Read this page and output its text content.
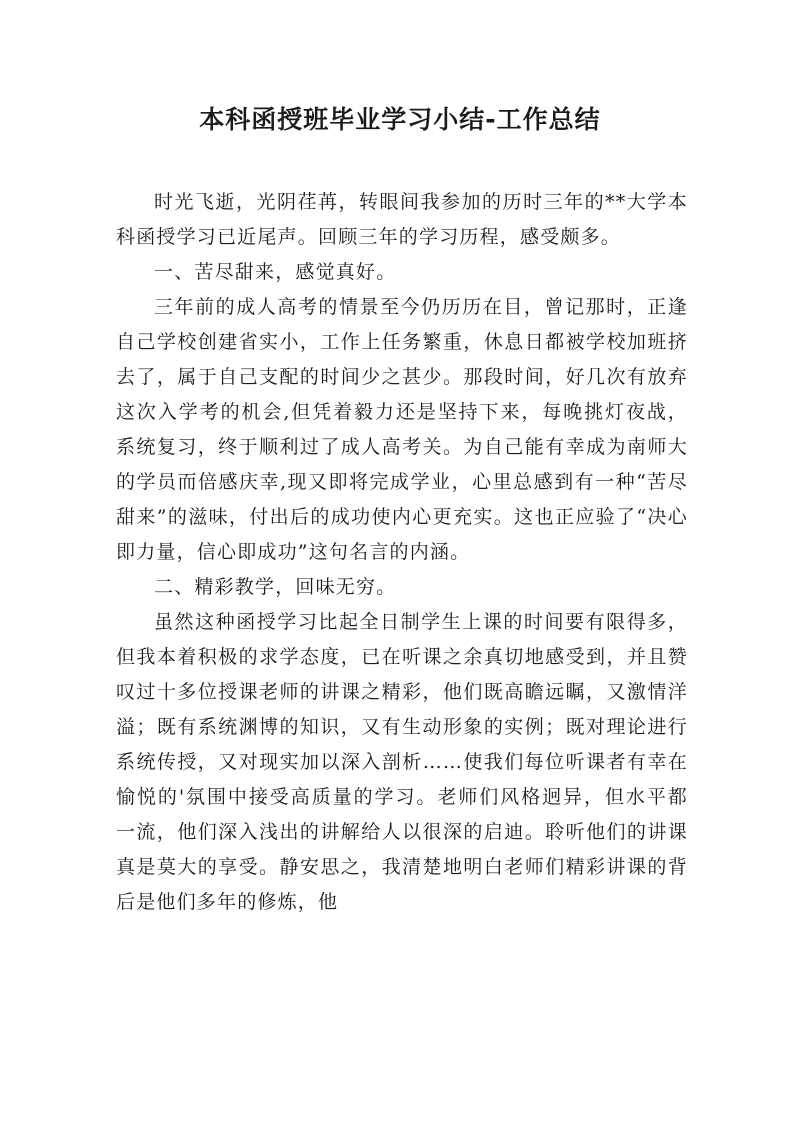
本科函授班毕业学习小结-工作总结

时光飞逝，光阴荏苒，转眼间我参加的历时三年的**大学本科函授学习已近尾声。回顾三年的学习历程，感受颇多。

一、苦尽甜来，感觉真好。

三年前的成人高考的情景至今仍历历在目，曾记那时，正逢自己学校创建省实小，工作上任务繁重，休息日都被学校加班挤去了，属于自己支配的时间少之甚少。那段时间，好几次有放弃这次入学考的机会,但凭着毅力还是坚持下来，每晚挑灯夜战，系统复习，终于顺利过了成人高考关。为自己能有幸成为南师大的学员而倍感庆幸,现又即将完成学业，心里总感到有一种“苦尽甜来”的滋味，付出后的成功使内心更充实。这也正应验了“决心即力量，信心即成功”这句名言的内涵。

二、精彩教学，回味无穷。

虽然这种函授学习比起全日制学生上课的时间要有限得多，但我本着积极的求学态度，已在听课之余真切地感受到，并且赞叹过十多位授课老师的讲课之精彩，他们既高瞻远瞩，又激情洋溢；既有系统渊博的知识，又有生动形象的实例；既对理论进行系统传授，又对现实加以深入剖析……使我们每位听课者有幸在愉悦的'氛围中接受高质量的学习。老师们风格迥异，但水平都一流，他们深入浅出的讲解给人以很深的启迪。聆听他们的讲课真是莫大的享受。静安思之，我清楚地明白老师们精彩讲课的背后是他们多年的修炼，他
